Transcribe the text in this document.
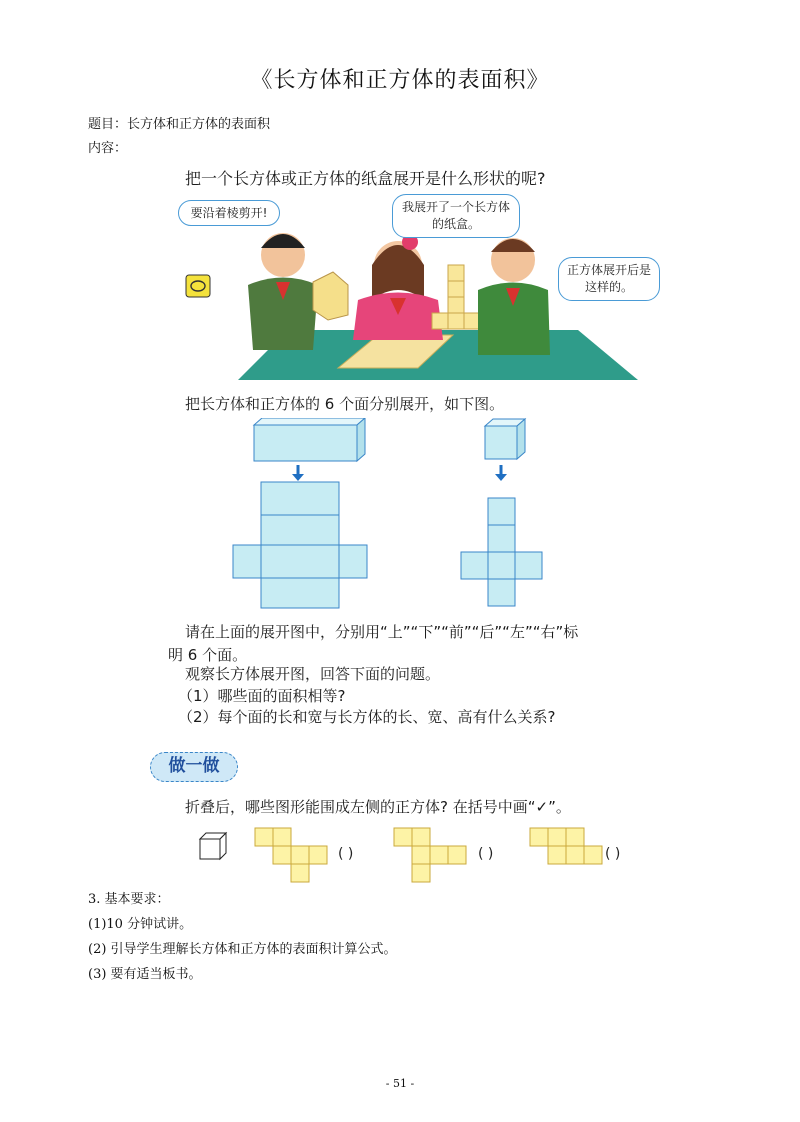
《长方体和正方体的表面积》
题目：长方体和正方体的表面积
内容：
把一个长方体或正方体的纸盒展开是什么形状的呢?
要沿着棱剪开!	我展开了一个长方体的纸盒。
正方体展开后是这样的。
把长方体和正方体的 6 个面分别展开，如下图。
请在上面的展开图中，分别用“上”“下”“前”“后”“左”“右”标
明 6 个面。
观察长方体展开图，回答下面的问题。
（1）哪些面的面积相等?
（2）每个面的长和宽与长方体的长、宽、高有什么关系?
做一做
折叠后，哪些图形能围成左侧的正方体? 在括号中画“✓”。
( )	( )	( )
3. 基本要求：
(1)10 分钟试讲。
(2) 引导学生理解长方体和正方体的表面积计算公式。
(3) 要有适当板书。
- 51 -
